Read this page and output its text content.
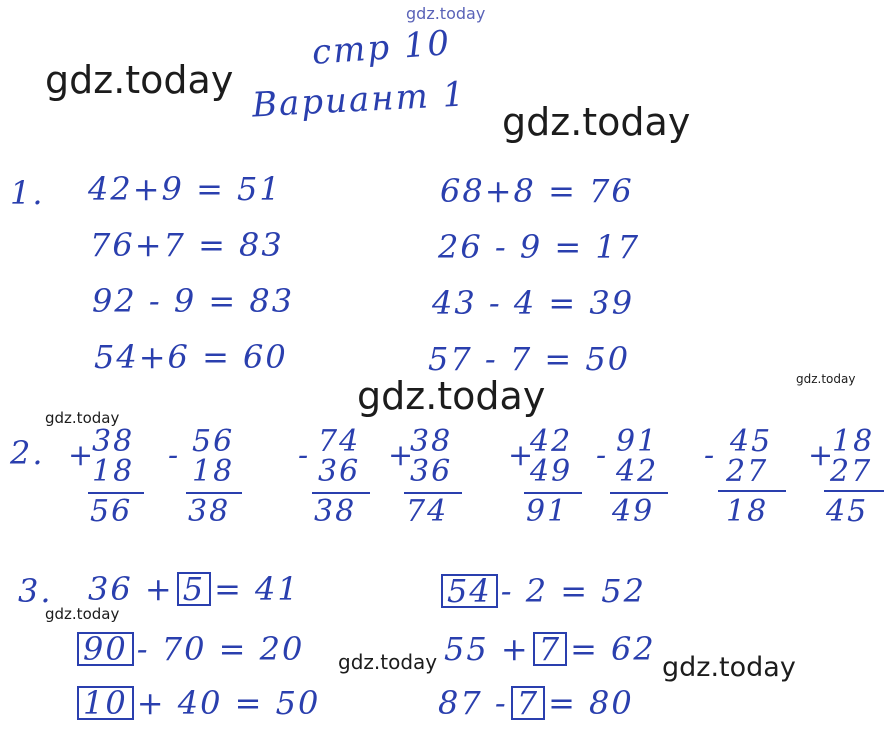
gdz.today
gdz.today
gdz.today
gdz.today	gdz.today
gdz.today
gdz.today
gdz.today	gdz.today
стр 10
Вариант 1
1. 42+9 = 51
76+7 = 83
92 - 9 = 83
54+6 = 60
68+8 = 76
26 - 9 = 17
43 - 4 = 39
57 - 7 = 50
2. +
38
18
56
- 56
18
38
- 74
36
38
+
38
36
74
+
42
49
91
- 91
42
49
- 45
27
18
+
18
27
45
3. 36 + 5 = 41
90 - 70 = 20
10 + 40 = 50
54 - 2 = 52
55 + 7 = 62
87 - 7 = 80
